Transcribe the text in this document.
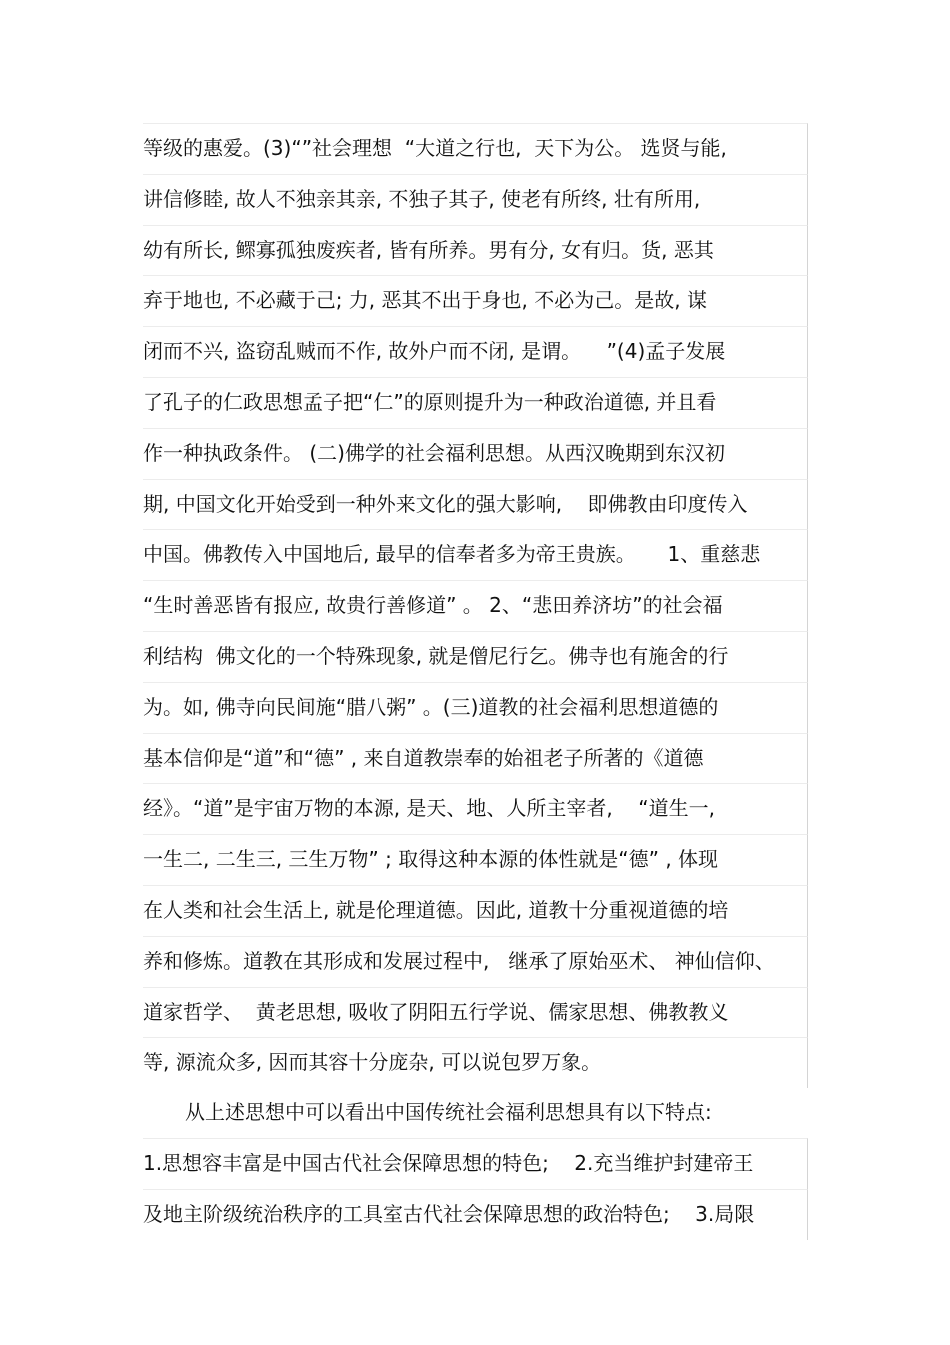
等级的惠爱。(3)“”社会理想  “大道之行也,  天下为公。 选贤与能,
讲信修睦, 故人不独亲其亲, 不独子其子, 使老有所终, 壮有所用,
幼有所长, 鳏寡孤独废疾者, 皆有所养。男有分, 女有归。货, 恶其
弃于地也, 不必藏于己; 力, 恶其不出于身也, 不必为己。是故, 谋
闭而不兴, 盗窃乱贼而不作, 故外户而不闭, 是谓。    ”(4)孟子发展
了孔子的仁政思想孟子把“仁”的原则提升为一种政治道德, 并且看
作一种执政条件。 (二)佛学的社会福利思想。从西汉晚期到东汉初
期, 中国文化开始受到一种外来文化的强大影响,    即佛教由印度传入
中国。佛教传入中国地后, 最早的信奉者多为帝王贵族。     1、重慈悲
“生时善恶皆有报应, 故贵行善修道” 。 2、“悲田养济坊”的社会福
利结构  佛文化的一个特殊现象, 就是僧尼行乞。佛寺也有施舍的行
为。如, 佛寺向民间施“腊八粥” 。(三)道教的社会福利思想道德的
基本信仰是“道”和“德” , 来自道教崇奉的始祖老子所著的《道德
经》。“道”是宇宙万物的本源, 是天、地、人所主宰者,    “道生一,
一生二, 二生三, 三生万物” ; 取得这种本源的体性就是“德” , 体现
在人类和社会生活上, 就是伦理道德。因此, 道教十分重视道德的培
养和修炼。道教在其形成和发展过程中,   继承了原始巫术、 神仙信仰、
道家哲学、  黄老思想, 吸收了阴阳五行学说、儒家思想、佛教教义
等, 源流众多, 因而其容十分庞杂, 可以说包罗万象。
从上述思想中可以看出中国传统社会福利思想具有以下特点:
1.思想容丰富是中国古代社会保障思想的特色;    2.充当维护封建帝王
及地主阶级统治秩序的工具室古代社会保障思想的政治特色;    3.局限
